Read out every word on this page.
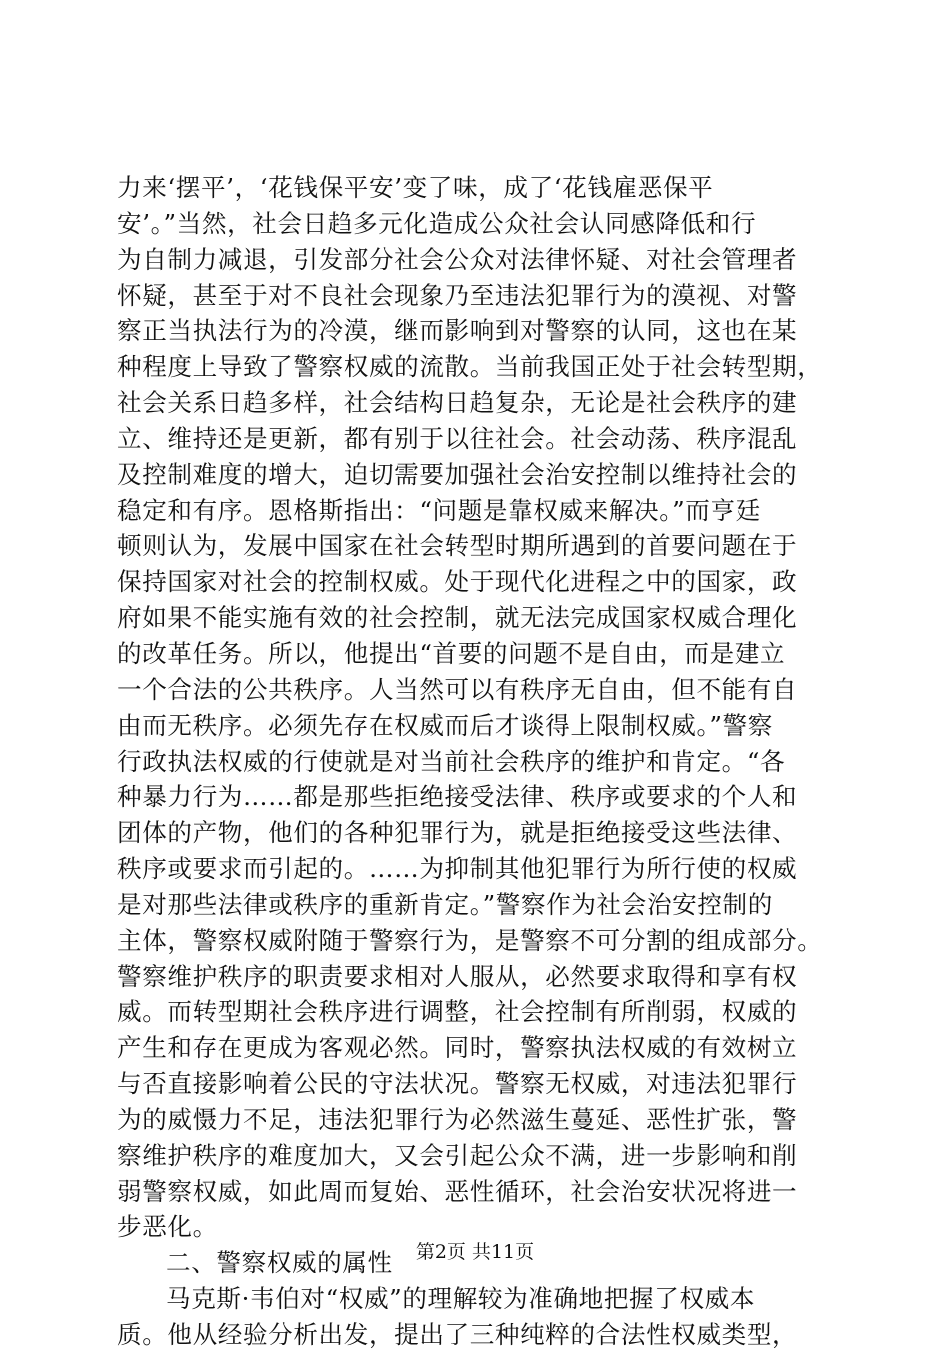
力来‘摆平’，‘花钱保平安’变了味，成了‘花钱雇恶保平
安’。”当然，社会日趋多元化造成公众社会认同感降低和行
为自制力减退，引发部分社会公众对法律怀疑、对社会管理者
怀疑，甚至于对不良社会现象乃至违法犯罪行为的漠视、对警
察正当执法行为的冷漠，继而影响到对警察的认同，这也在某
种程度上导致了警察权威的流散。当前我国正处于社会转型期，
社会关系日趋多样，社会结构日趋复杂，无论是社会秩序的建
立、维持还是更新，都有别于以往社会。社会动荡、秩序混乱
及控制难度的增大，迫切需要加强社会治安控制以维持社会的
稳定和有序。恩格斯指出：“问题是靠权威来解决。”而亨廷
顿则认为，发展中国家在社会转型时期所遇到的首要问题在于
保持国家对社会的控制权威。处于现代化进程之中的国家，政
府如果不能实施有效的社会控制，就无法完成国家权威合理化
的改革任务。所以，他提出“首要的问题不是自由，而是建立
一个合法的公共秩序。人当然可以有秩序无自由，但不能有自
由而无秩序。必须先存在权威而后才谈得上限制权威。”警察
行政执法权威的行使就是对当前社会秩序的维护和肯定。“各
种暴力行为……都是那些拒绝接受法律、秩序或要求的个人和
团体的产物，他们的各种犯罪行为，就是拒绝接受这些法律、
秩序或要求而引起的。……为抑制其他犯罪行为所行使的权威
是对那些法律或秩序的重新肯定。”警察作为社会治安控制的
主体，警察权威附随于警察行为，是警察不可分割的组成部分。
警察维护秩序的职责要求相对人服从，必然要求取得和享有权
威。而转型期社会秩序进行调整，社会控制有所削弱，权威的
产生和存在更成为客观必然。同时，警察执法权威的有效树立
与否直接影响着公民的守法状况。警察无权威，对违法犯罪行
为的威慑力不足，违法犯罪行为必然滋生蔓延、恶性扩张，警
察维护秩序的难度加大，又会引起公众不满，进一步影响和削
弱警察权威，如此周而复始、恶性循环，社会治安状况将进一
步恶化。
二、警察权威的属性
马克斯·韦伯对“权威”的理解较为准确地把握了权威本
质。他从经验分析出发，提出了三种纯粹的合法性权威类型，
第2页 共11页
